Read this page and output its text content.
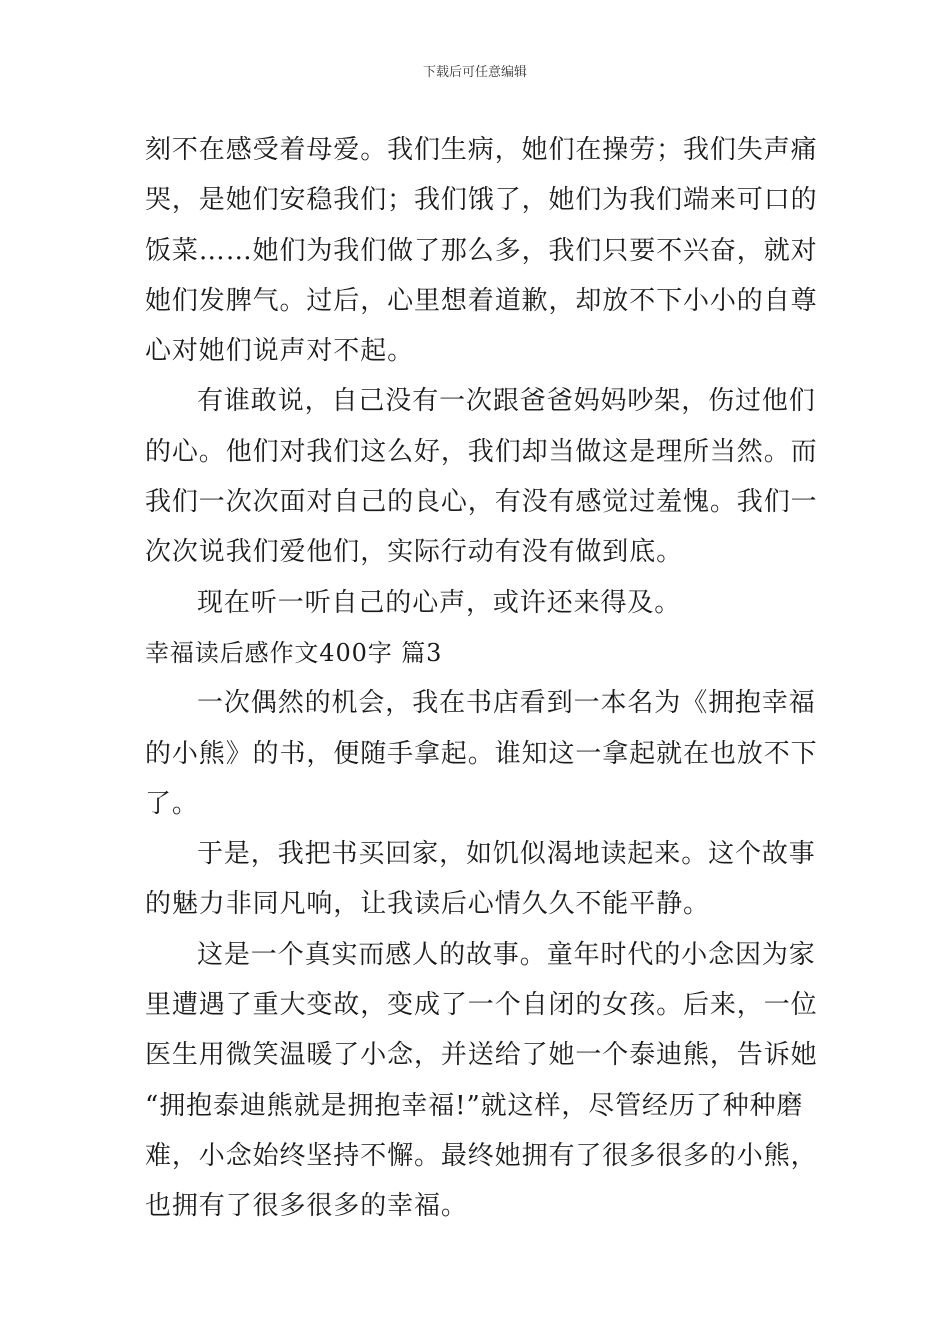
下载后可任意编辑
刻不在感受着母爱。我们生病，她们在操劳；我们失声痛
哭，是她们安稳我们；我们饿了，她们为我们端来可口的
饭菜……她们为我们做了那么多，我们只要不兴奋，就对
她们发脾气。过后，心里想着道歉，却放不下小小的自尊
心对她们说声对不起。
有谁敢说，自己没有一次跟爸爸妈妈吵架，伤过他们
的心。他们对我们这么好，我们却当做这是理所当然。而
我们一次次面对自己的良心，有没有感觉过羞愧。我们一
次次说我们爱他们，实际行动有没有做到底。
现在听一听自己的心声，或许还来得及。
幸福读后感作文400字 篇3
一次偶然的机会，我在书店看到一本名为《拥抱幸福
的小熊》的书，便随手拿起。谁知这一拿起就在也放不下
了。
于是，我把书买回家，如饥似渴地读起来。这个故事
的魅力非同凡响，让我读后心情久久不能平静。
这是一个真实而感人的故事。童年时代的小念因为家
里遭遇了重大变故，变成了一个自闭的女孩。后来，一位
医生用微笑温暖了小念，并送给了她一个泰迪熊，告诉她
“拥抱泰迪熊就是拥抱幸福!”就这样，尽管经历了种种磨
难，小念始终坚持不懈。最终她拥有了很多很多的小熊，
也拥有了很多很多的幸福。
